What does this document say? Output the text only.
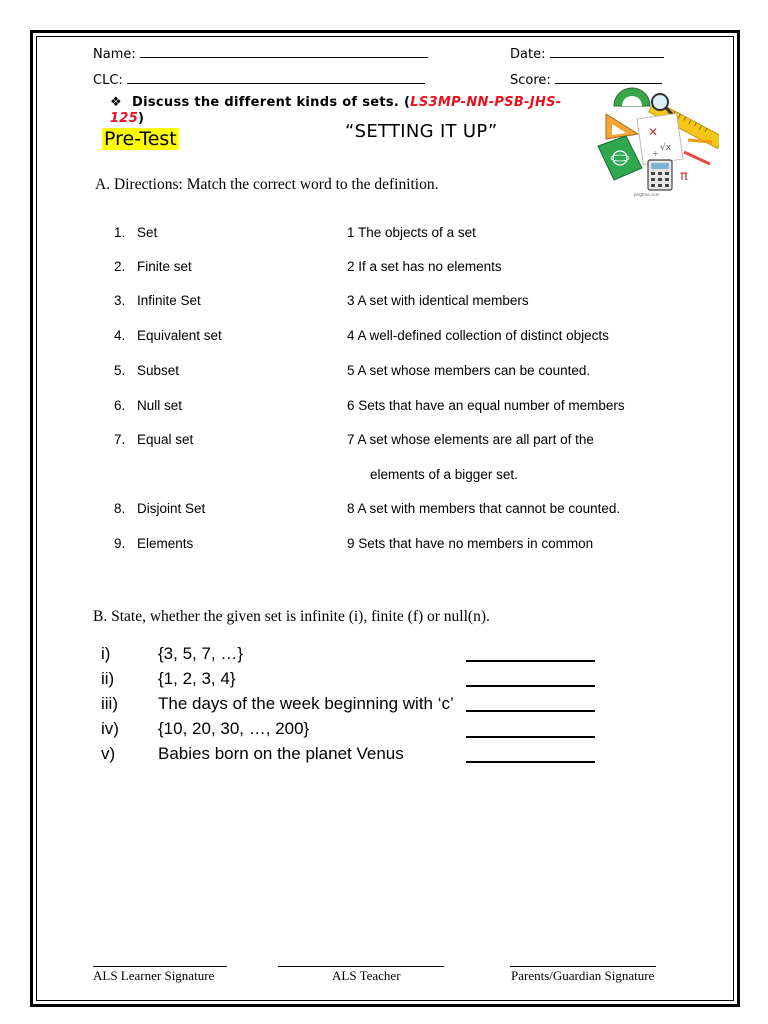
Name:	Date:
CLC:	Score:
❖ Discuss the different kinds of sets. (LS3MP-NN-PSB-JHS-125)
Pre-Test	“SETTING IT UP”	✕
√x
÷
π
pngtree.com
A. Directions: Match the correct word to the definition.
1. Set	1 The objects of a set
2. Finite set	2 If a set has no elements
3. Infinite Set	3 A set with identical members
4. Equivalent set	4 A well-defined collection of distinct objects
5. Subset	5 A set whose members can be counted.
6. Null set	6 Sets that have an equal number of members
7. Equal set	7 A set whose elements are all part of the
elements of a bigger set.
8. Disjoint Set	8 A set with members that cannot be counted.
9. Elements	9 Sets that have no members in common
B. State, whether the given set is infinite (i), finite (f) or null(n).
i)	{3, 5, 7, …}
ii)	{1, 2, 3, 4}
iii) The days of the week beginning with ‘c’
iv) {10, 20, 30, …, 200}
v)	Babies born on the planet Venus
ALS Learner Signature	ALS Teacher	Parents/Guardian Signature
